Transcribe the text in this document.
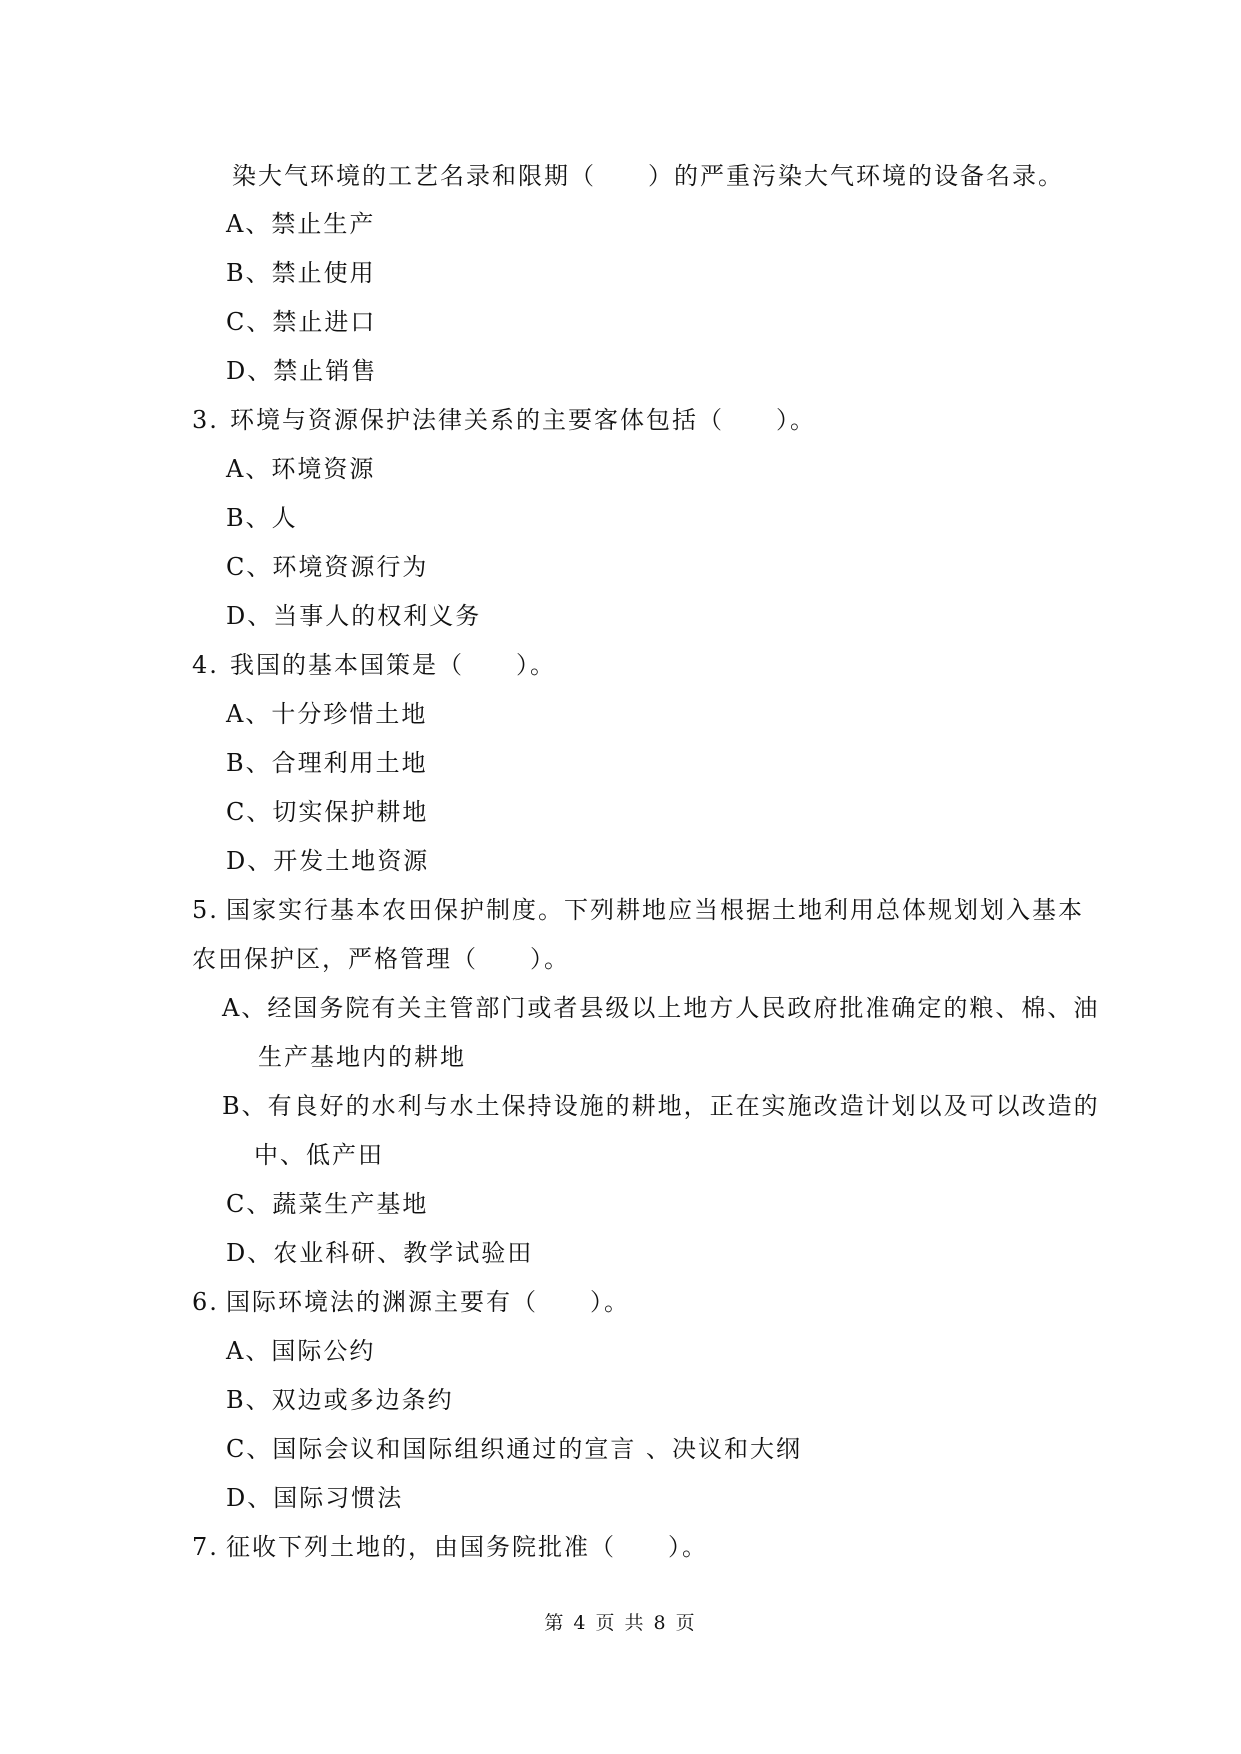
染大气环境的工艺名录和限期（　　）的严重污染大气环境的设备名录。
A、禁止生产
B、禁止使用
C、禁止进口
D、禁止销售
3. 环境与资源保护法律关系的主要客体包括（　　）。
A、环境资源
B、人
C、环境资源行为
D、当事人的权利义务
4. 我国的基本国策是（　　）。
A、十分珍惜土地
B、合理利用土地
C、切实保护耕地
D、开发土地资源
5. 国家实行基本农田保护制度。下列耕地应当根据土地利用总体规划划入基本
农田保护区，严格管理（　　）。
A、经国务院有关主管部门或者县级以上地方人民政府批准确定的粮、棉、油
生产基地内的耕地
B、有良好的水利与水土保持设施的耕地，正在实施改造计划以及可以改造的
中、低产田
C、蔬菜生产基地
D、农业科研、教学试验田
6. 国际环境法的渊源主要有（　　）。
A、国际公约
B、双边或多边条约
C、国际会议和国际组织通过的宣言 、决议和大纲
D、国际习惯法
7. 征收下列土地的，由国务院批准（　　）。
第 4 页 共 8 页
